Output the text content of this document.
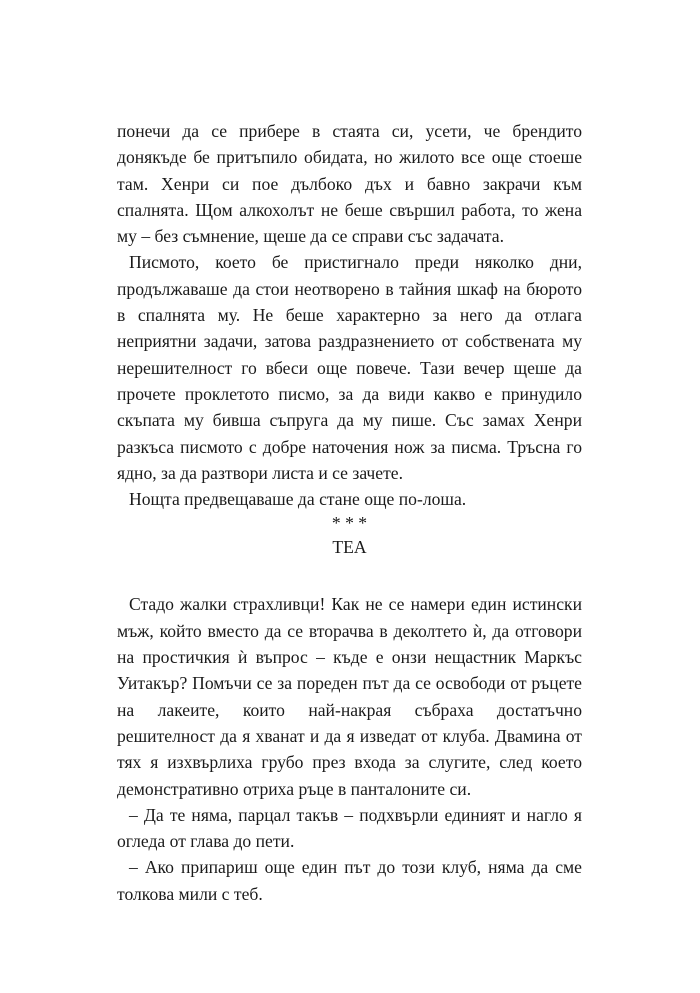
понечи да се прибере в стаята си, усети, че брендито донякъде бе притъпило обидата, но жилото все още стоеше там. Хенри си пое дълбоко дъх и бавно закрачи към спалнята. Щом алкохолът не беше свършил работа, то жена му – без съмнение, щеше да се справи със задачата.

Писмото, което бе пристигнало преди няколко дни, продължаваше да стои неотворено в тайния шкаф на бюрото в спалнята му. Не беше характерно за него да отлага неприятни задачи, затова раздразнението от собствената му нерешителност го вбеси още повече. Тази вечер щеше да прочете проклетото писмо, за да види какво е принудило скъпата му бивша съпруга да му пише. Със замах Хенри разкъса писмото с добре наточения нож за писма. Тръсна го ядно, за да разтвори листа и се зачете.

Нощта предвещаваше да стане още по-лоша.

* * *

ТЕА

Стадо жалки страхливци! Как не се намери един истински мъж, който вместо да се вторачва в деколтето ѝ, да отговори на простичкия ѝ въпрос – къде е онзи нещастник Маркъс Уитакър? Помъчи се за пореден път да се освободи от ръцете на лакеите, които най-накрая събраха достатъчно решителност да я хванат и да я изведат от клуба. Двамина от тях я изхвърлиха грубо през входа за слугите, след което демонстративно отриха ръце в панталоните си.

– Да те няма, парцал такъв – подхвърли единият и нагло я огледа от глава до пети.

– Ако припариш още един път до този клуб, няма да сме толкова мили с теб.
